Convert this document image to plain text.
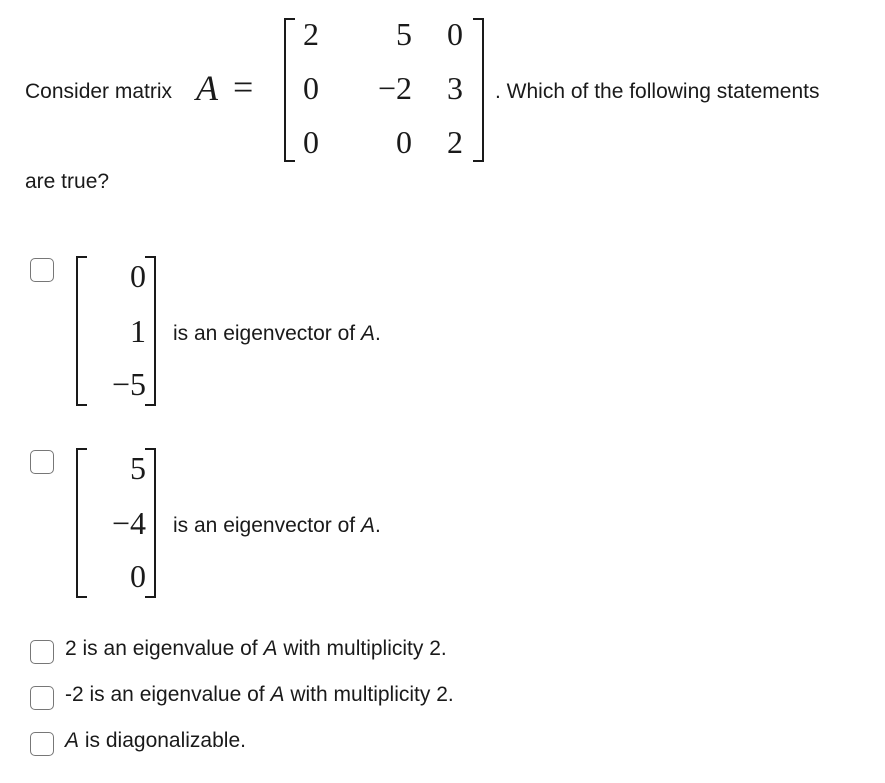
Consider matrix A =
2	5 0
0	−2 3
0	0 2
. Which of the following statements
are true?
0
1
−5
is an eigenvector of A.
5
−4
0
is an eigenvector of A.
2 is an eigenvalue of A with multiplicity 2.
-2 is an eigenvalue of A with multiplicity 2.
A is diagonalizable.
